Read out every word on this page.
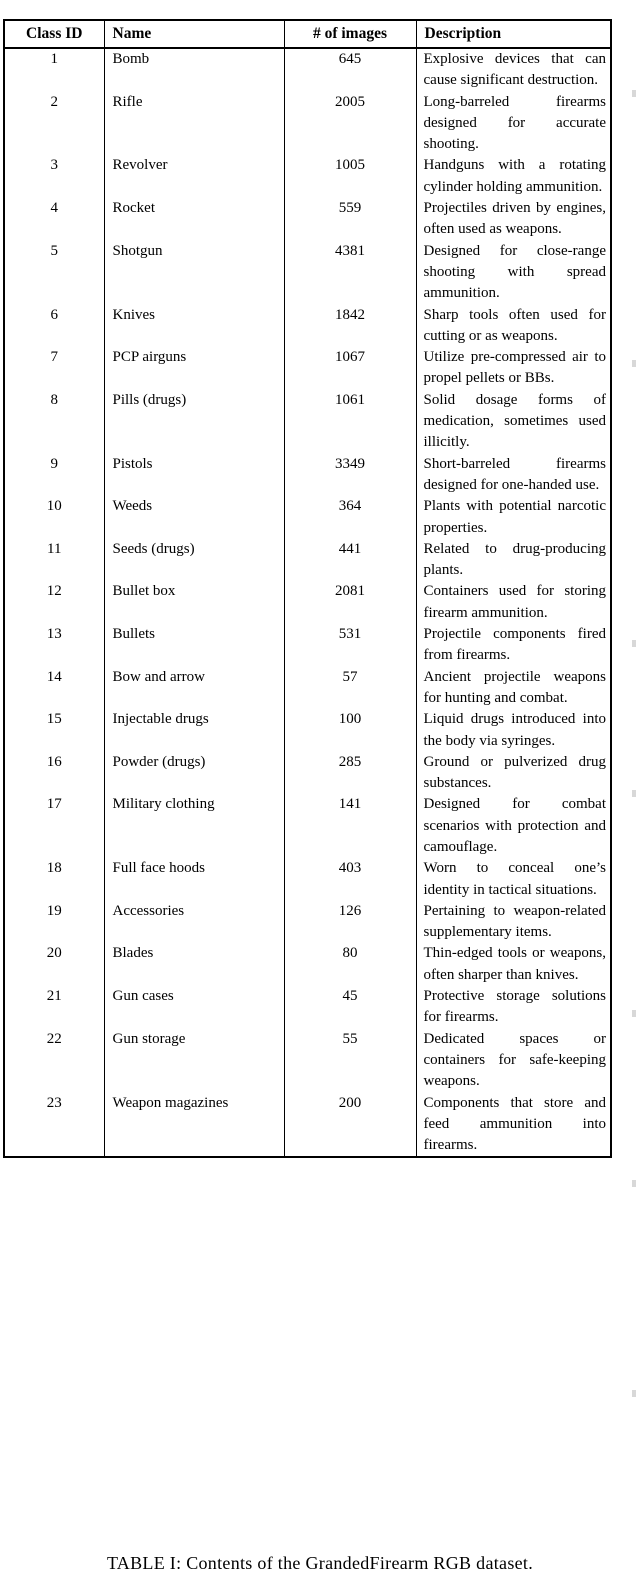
Class ID	Name	# of images	Description
1	Bomb	645	Explosive devices that can cause significant destruction.
2	Rifle	2005	Long-barreled firearms designed for accurate shooting.
3	Revolver	1005	Handguns with a rotating cylinder holding ammunition.
4	Rocket	559	Projectiles driven by engines, often used as weapons.
5	Shotgun	4381	Designed for close-range shooting with spread ammunition.
6	Knives	1842	Sharp tools often used for cutting or as weapons.
7	PCP airguns	1067	Utilize pre-compressed air to propel pellets or BBs.
8	Pills (drugs)	1061	Solid dosage forms of medication, sometimes used illicitly.
9	Pistols	3349	Short-barreled firearms designed for one-handed use.
10	Weeds	364	Plants with potential narcotic properties.
11	Seeds (drugs)	441	Related to drug-producing plants.
12	Bullet box	2081	Containers used for storing firearm ammunition.
13	Bullets	531	Projectile components fired from firearms.
14	Bow and arrow	57	Ancient projectile weapons for hunting and combat.
15	Injectable drugs	100	Liquid drugs introduced into the body via syringes.
16	Powder (drugs)	285	Ground or pulverized drug substances.
17	Military clothing	141	Designed for combat scenarios with protection and camouflage.
18	Full face hoods	403	Worn to conceal one’s identity in tactical situations.
19	Accessories	126	Pertaining to weapon-related supplementary items.
20	Blades	80	Thin-edged tools or weapons, often sharper than knives.
21	Gun cases	45	Protective storage solutions for firearms.
22	Gun storage	55	Dedicated spaces or containers for safe-keeping weapons.
23	Weapon magazines	200	Components that store and feed ammunition into firearms.
TABLE I: Contents of the GrandedFirearm RGB dataset.
